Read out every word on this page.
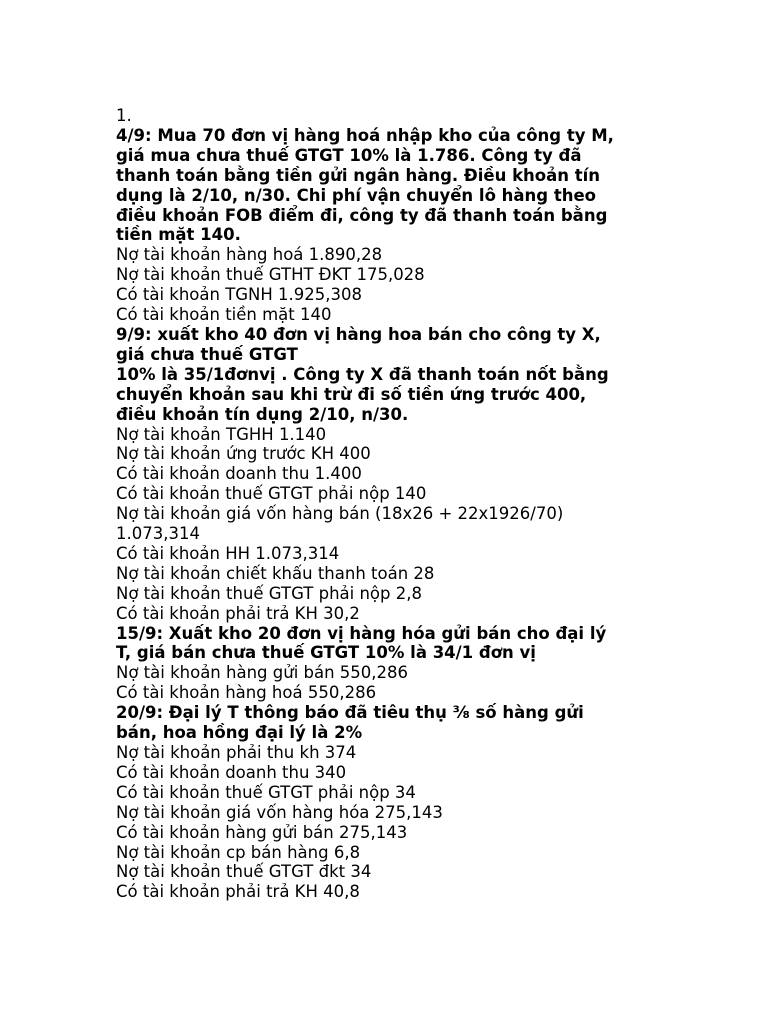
1.
4/9: Mua 70 đơn vị hàng hoá nhập kho của công ty M,
giá mua chưa thuế GTGT 10% là 1.786. Công ty đã
thanh toán bằng tiền gửi ngân hàng. Điều khoản tín
dụng là 2/10, n/30. Chi phí vận chuyển lô hàng theo
điều khoản FOB điểm đi, công ty đã thanh toán bằng
tiền mặt 140.
Nợ tài khoản hàng hoá 1.890,28
Nợ tài khoản thuế GTHT ĐKT 175,028
Có tài khoản TGNH 1.925,308
Có tài khoản tiền mặt 140
9/9: xuất kho 40 đơn vị hàng hoa bán cho công ty X,
giá chưa thuế GTGT
10% là 35/1đơnvị . Công ty X đã thanh toán nốt bằng
chuyển khoản sau khi trừ đi số tiền ứng trước 400,
điều khoản tín dụng 2/10, n/30.
Nợ tài khoản TGHH 1.140
Nợ tài khoản ứng trước KH 400
Có tài khoản doanh thu 1.400
Có tài khoản thuế GTGT phải nộp 140
Nợ tài khoản giá vốn hàng bán (18x26 + 22x1926/70)
1.073,314
Có tài khoản HH 1.073,314
Nợ tài khoản chiết khấu thanh toán 28
Nợ tài khoản thuế GTGT phải nộp 2,8
Có tài khoản phải trả KH 30,2
15/9: Xuất kho 20 đơn vị hàng hóa gửi bán cho đại lý
T, giá bán chưa thuế GTGT 10% là 34/1 đơn vị
Nợ tài khoản hàng gửi bán 550,286
Có tài khoản hàng hoá 550,286
20/9: Đại lý T thông báo đã tiêu thụ ⅜ số hàng gửi
bán, hoa hồng đại lý là 2%
Nợ tài khoản phải thu kh 374
Có tài khoản doanh thu 340
Có tài khoản thuế GTGT phải nộp 34
Nợ tài khoản giá vốn hàng hóa 275,143
Có tài khoản hàng gửi bán 275,143
Nợ tài khoản cp bán hàng 6,8
Nợ tài khoản thuế GTGT đkt 34
Có tài khoản phải trả KH 40,8
